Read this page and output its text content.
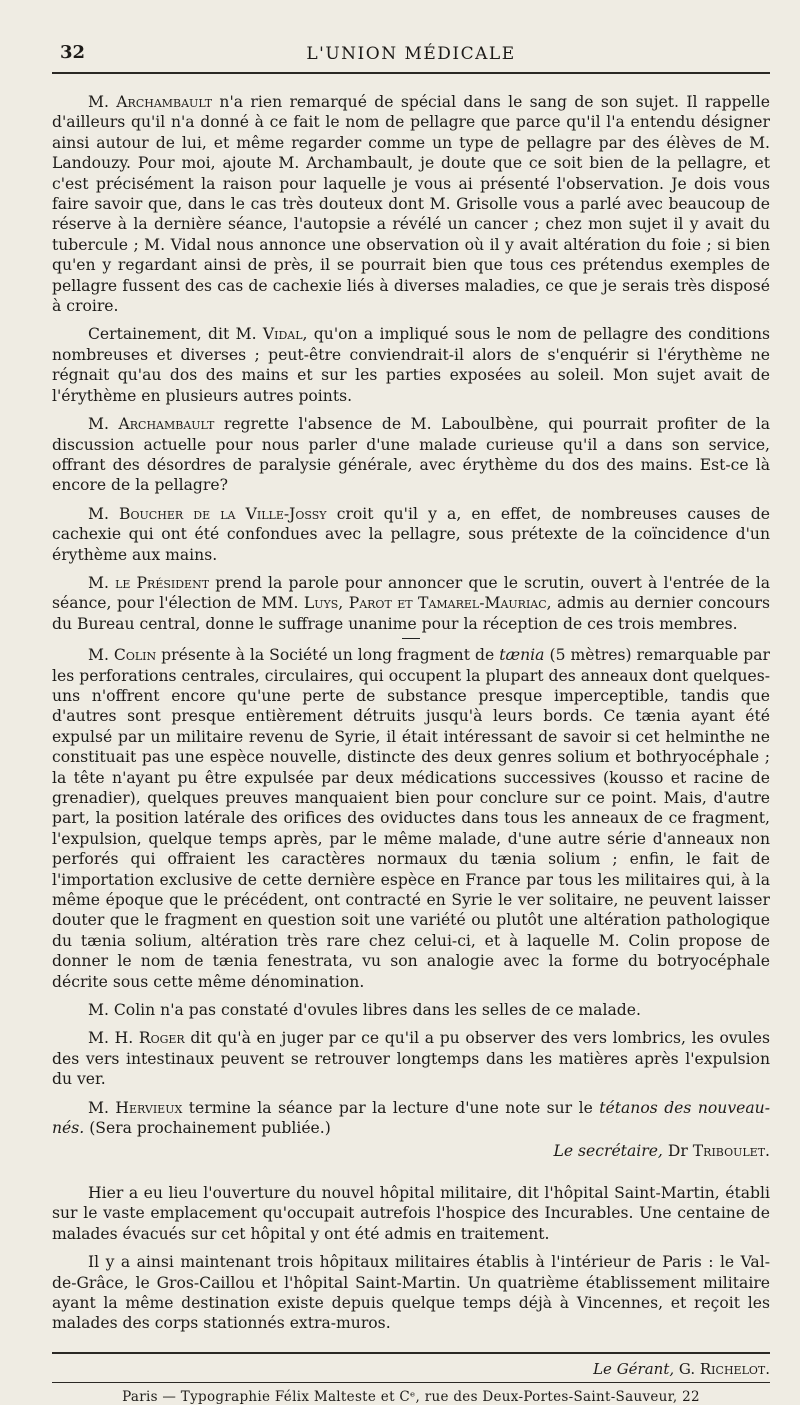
32	L'UNION MÉDICALE

M. Archambault n'a rien remarqué de spécial dans le sang de son sujet. Il rappelle d'ailleurs qu'il n'a donné à ce fait le nom de pellagre que parce qu'il l'a entendu désigner ainsi autour de lui, et même regarder comme un type de pellagre par des élèves de M. Landouzy. Pour moi, ajoute M. Archambault, je doute que ce soit bien de la pellagre, et c'est précisément la raison pour laquelle je vous ai présenté l'observation. Je dois vous faire savoir que, dans le cas très douteux dont M. Grisolle vous a parlé avec beaucoup de réserve à la dernière séance, l'autopsie a révélé un cancer ; chez mon sujet il y avait du tubercule ; M. Vidal nous annonce une observation où il y avait altération du foie ; si bien qu'en y regardant ainsi de près, il se pourrait bien que tous ces prétendus exemples de pellagre fussent des cas de cachexie liés à diverses maladies, ce que je serais très disposé à croire.

Certainement, dit M. Vidal, qu'on a impliqué sous le nom de pellagre des conditions nombreuses et diverses ; peut-être conviendrait-il alors de s'enquérir si l'érythème ne régnait qu'au dos des mains et sur les parties exposées au soleil. Mon sujet avait de l'érythème en plusieurs autres points.

M. Archambault regrette l'absence de M. Laboulbène, qui pourrait profiter de la discussion actuelle pour nous parler d'une malade curieuse qu'il a dans son service, offrant des désordres de paralysie générale, avec érythème du dos des mains. Est-ce là encore de la pellagre?

M. Boucher de la Ville-Jossy croit qu'il y a, en effet, de nombreuses causes de cachexie qui ont été confondues avec la pellagre, sous prétexte de la coïncidence d'un érythème aux mains.

M. le Président prend la parole pour annoncer que le scrutin, ouvert à l'entrée de la séance, pour l'élection de MM. Luys, Parot et Tamarel-Mauriac, admis au dernier concours du Bureau central, donne le suffrage unanime pour la réception de ces trois membres.

M. Colin présente à la Société un long fragment de tænia (5 mètres) remarquable par les perforations centrales, circulaires, qui occupent la plupart des anneaux dont quelques-uns n'offrent encore qu'une perte de substance presque imperceptible, tandis que d'autres sont presque entièrement détruits jusqu'à leurs bords. Ce tænia ayant été expulsé par un militaire revenu de Syrie, il était intéressant de savoir si cet helminthe ne constituait pas une espèce nouvelle, distincte des deux genres solium et bothryocéphale ; la tête n'ayant pu être expulsée par deux médications successives (kousso et racine de grenadier), quelques preuves manquaient bien pour conclure sur ce point. Mais, d'autre part, la position latérale des orifices des oviductes dans tous les anneaux de ce fragment, l'expulsion, quelque temps après, par le même malade, d'une autre série d'anneaux non perforés qui offraient les caractères normaux du tænia solium ; enfin, le fait de l'importation exclusive de cette dernière espèce en France par tous les militaires qui, à la même époque que le précédent, ont contracté en Syrie le ver solitaire, ne peuvent laisser douter que le fragment en question soit une variété ou plutôt une altération pathologique du tænia solium, altération très rare chez celui-ci, et à laquelle M. Colin propose de donner le nom de tænia fenestrata, vu son analogie avec la forme du botryocéphale décrite sous cette même dénomination.

M. Colin n'a pas constaté d'ovules libres dans les selles de ce malade.

M. H. Roger dit qu'à en juger par ce qu'il a pu observer des vers lombrics, les ovules des vers intestinaux peuvent se retrouver longtemps dans les matières après l'expulsion du ver.

M. Hervieux termine la séance par la lecture d'une note sur le tétanos des nouveau-nés. (Sera prochainement publiée.)

Le secrétaire, Dr Triboulet.

Hier a eu lieu l'ouverture du nouvel hôpital militaire, dit l'hôpital Saint-Martin, établi sur le vaste emplacement qu'occupait autrefois l'hospice des Incurables. Une centaine de malades évacués sur cet hôpital y ont été admis en traitement.

Il y a ainsi maintenant trois hôpitaux militaires établis à l'intérieur de Paris : le Val-de-Grâce, le Gros-Caillou et l'hôpital Saint-Martin. Un quatrième établissement militaire ayant la même destination existe depuis quelque temps déjà à Vincennes, et reçoit les malades des corps stationnés extra-muros.

Le Gérant, G. Richelot.
Paris — Typographie Félix Malteste et Cᵉ, rue des Deux-Portes-Saint-Sauveur, 22
